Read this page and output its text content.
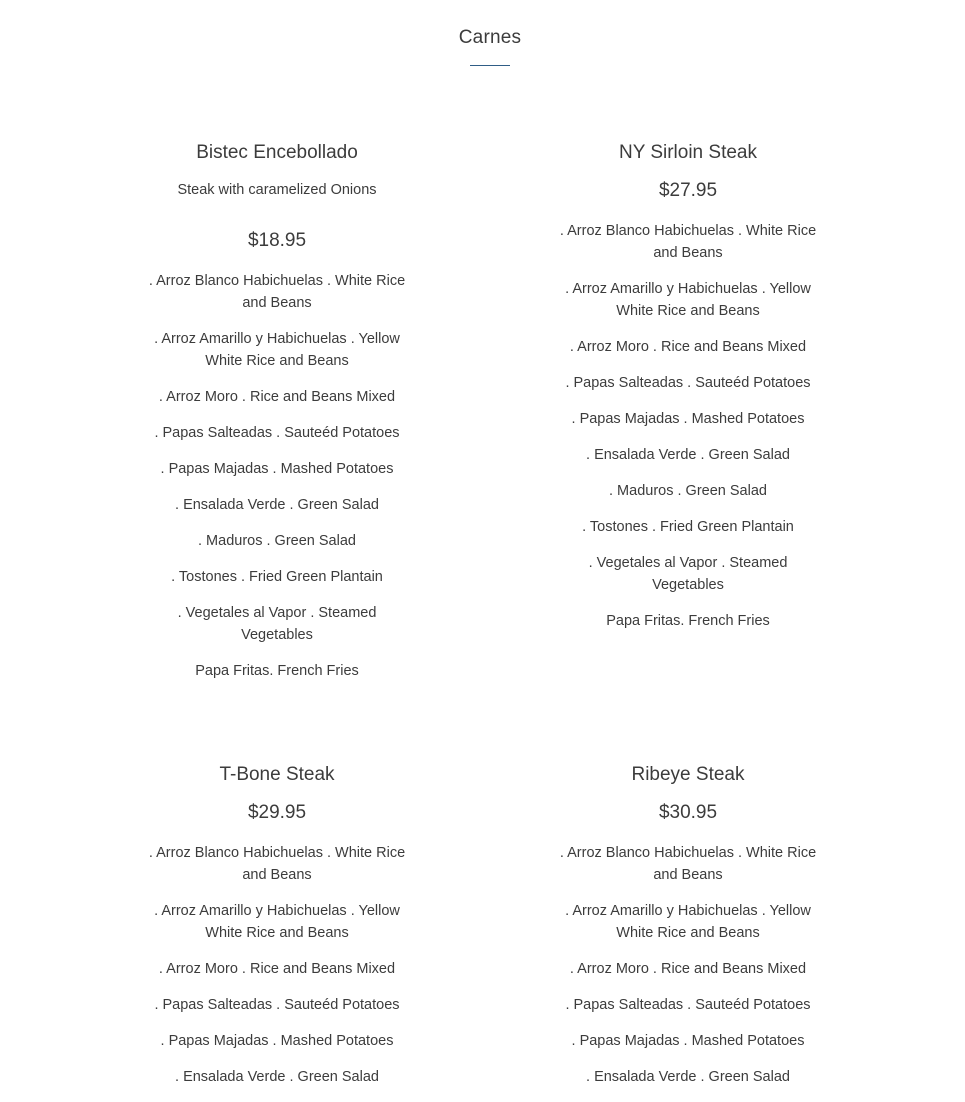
Carnes
Bistec Encebollado

Steak with caramelized Onions

$18.95

. Arroz Blanco Habichuelas . White Rice and Beans
. Arroz Amarillo y Habichuelas . Yellow White Rice and Beans
. Arroz Moro . Rice and Beans Mixed
. Papas Salteadas . Sauteéd Potatoes
. Papas Majadas . Mashed Potatoes
. Ensalada Verde . Green Salad
. Maduros . Green Salad
. Tostones . Fried Green Plantain
. Vegetales al Vapor . Steamed Vegetables
Papa Fritas. French Fries
NY Sirloin Steak

$27.95

. Arroz Blanco Habichuelas . White Rice and Beans
. Arroz Amarillo y Habichuelas . Yellow White Rice and Beans
. Arroz Moro . Rice and Beans Mixed
. Papas Salteadas . Sauteéd Potatoes
. Papas Majadas . Mashed Potatoes
. Ensalada Verde . Green Salad
. Maduros . Green Salad
. Tostones . Fried Green Plantain
. Vegetales al Vapor . Steamed Vegetables
Papa Fritas. French Fries
T-Bone Steak

$29.95

. Arroz Blanco Habichuelas . White Rice and Beans
. Arroz Amarillo y Habichuelas . Yellow White Rice and Beans
. Arroz Moro . Rice and Beans Mixed
. Papas Salteadas . Sauteéd Potatoes
. Papas Majadas . Mashed Potatoes
. Ensalada Verde . Green Salad
Ribeye Steak

$30.95

. Arroz Blanco Habichuelas . White Rice and Beans
. Arroz Amarillo y Habichuelas . Yellow White Rice and Beans
. Arroz Moro . Rice and Beans Mixed
. Papas Salteadas . Sauteéd Potatoes
. Papas Majadas . Mashed Potatoes
. Ensalada Verde . Green Salad
